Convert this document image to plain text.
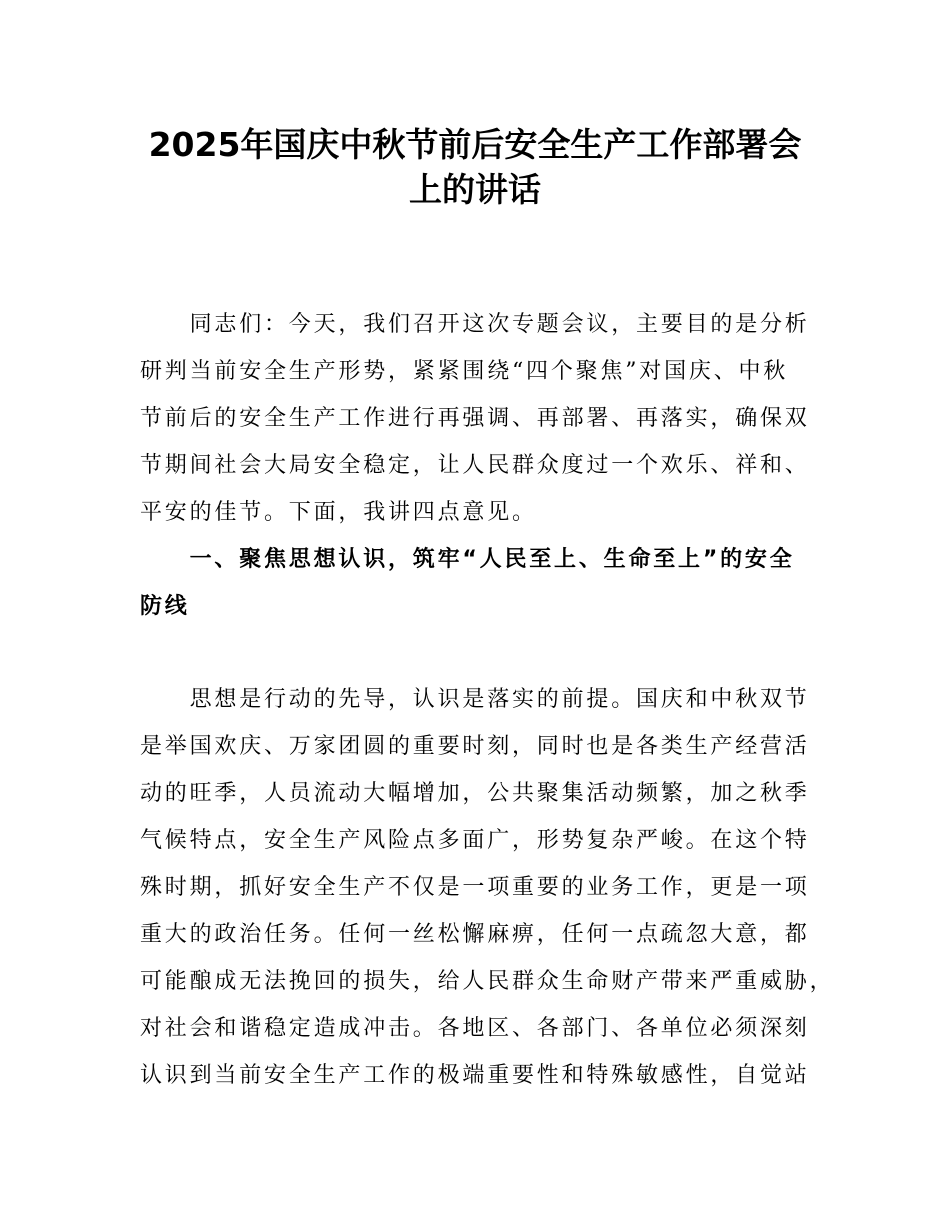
2025年国庆中秋节前后安全生产工作部署会
上的讲话
　　同志们：今天，我们召开这次专题会议，主要目的是分析
研判当前安全生产形势，紧紧围绕“四个聚焦”对国庆、中秋
节前后的安全生产工作进行再强调、再部署、再落实，确保双
节期间社会大局安全稳定，让人民群众度过一个欢乐、祥和、
平安的佳节。下面，我讲四点意见。
　　一、聚焦思想认识，筑牢“人民至上、生命至上”的安全
防线
　　思想是行动的先导，认识是落实的前提。国庆和中秋双节
是举国欢庆、万家团圆的重要时刻，同时也是各类生产经营活
动的旺季，人员流动大幅增加，公共聚集活动频繁，加之秋季
气候特点，安全生产风险点多面广，形势复杂严峻。在这个特
殊时期，抓好安全生产不仅是一项重要的业务工作，更是一项
重大的政治任务。任何一丝松懈麻痹，任何一点疏忽大意，都
可能酿成无法挽回的损失，给人民群众生命财产带来严重威胁，
对社会和谐稳定造成冲击。各地区、各部门、各单位必须深刻
认识到当前安全生产工作的极端重要性和特殊敏感性，自觉站
